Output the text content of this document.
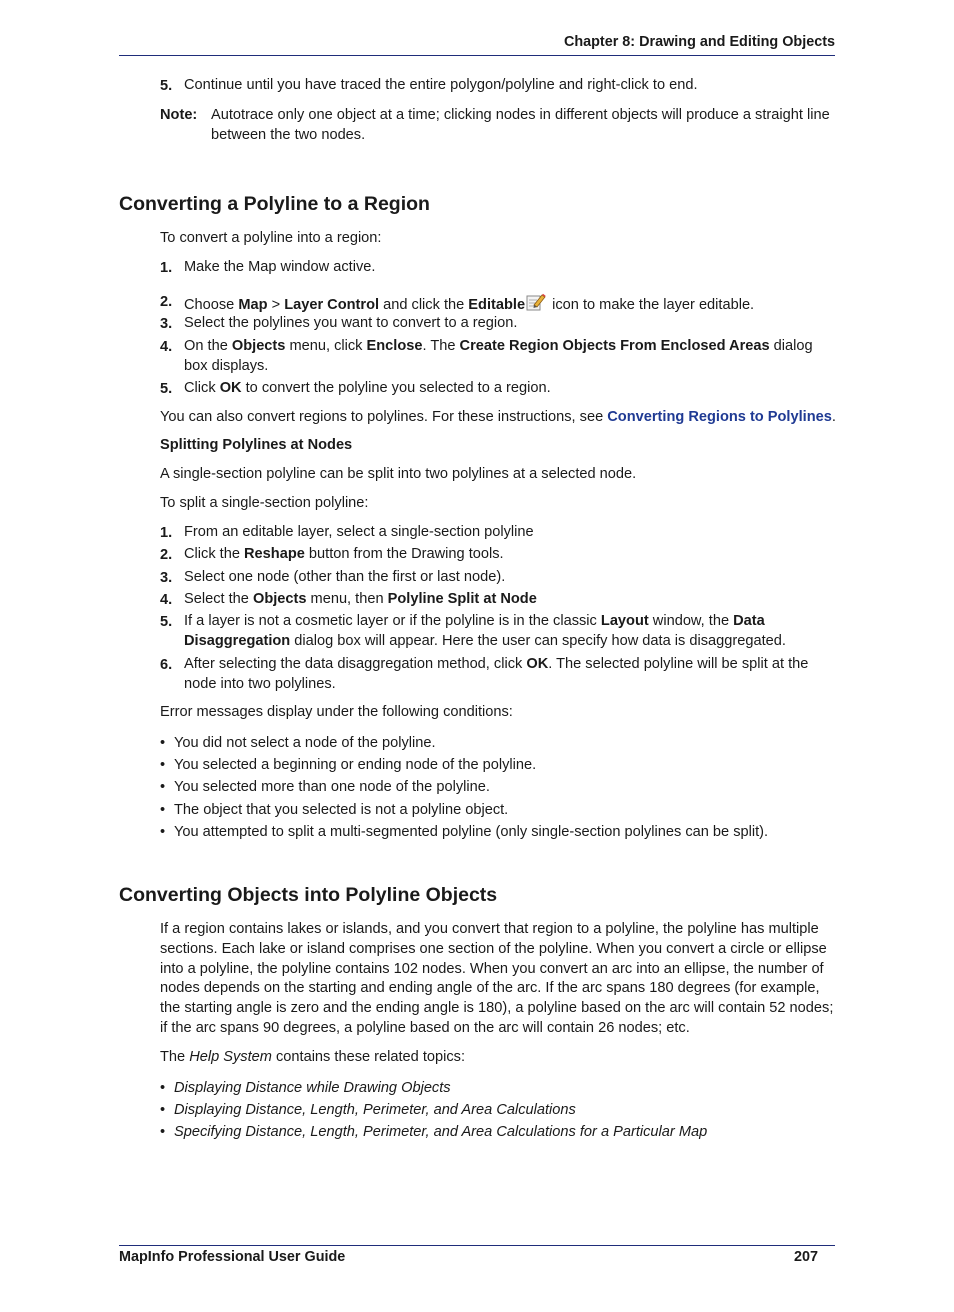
Chapter 8: Drawing and Editing Objects
5. Continue until you have traced the entire polygon/polyline and right-click to end.
Note: Autotrace only one object at a time; clicking nodes in different objects will produce a straight line between the two nodes.
Converting a Polyline to a Region
To convert a polyline into a region:
1. Make the Map window active.
2. Choose Map > Layer Control and click the Editable icon to make the layer editable.
3. Select the polylines you want to convert to a region.
4. On the Objects menu, click Enclose. The Create Region Objects From Enclosed Areas dialog box displays.
5. Click OK to convert the polyline you selected to a region.
You can also convert regions to polylines. For these instructions, see Converting Regions to Polylines.
Splitting Polylines at Nodes
A single-section polyline can be split into two polylines at a selected node.
To split a single-section polyline:
1. From an editable layer, select a single-section polyline
2. Click the Reshape button from the Drawing tools.
3. Select one node (other than the first or last node).
4. Select the Objects menu, then Polyline Split at Node
5. If a layer is not a cosmetic layer or if the polyline is in the classic Layout window, the Data Disaggregation dialog box will appear. Here the user can specify how data is disaggregated.
6. After selecting the data disaggregation method, click OK. The selected polyline will be split at the node into two polylines.
Error messages display under the following conditions:
• You did not select a node of the polyline.
• You selected a beginning or ending node of the polyline.
• You selected more than one node of the polyline.
• The object that you selected is not a polyline object.
• You attempted to split a multi-segmented polyline (only single-section polylines can be split).
Converting Objects into Polyline Objects
If a region contains lakes or islands, and you convert that region to a polyline, the polyline has multiple sections. Each lake or island comprises one section of the polyline. When you convert a circle or ellipse into a polyline, the polyline contains 102 nodes. When you convert an arc into an ellipse, the number of nodes depends on the starting and ending angle of the arc. If the arc spans 180 degrees (for example, the starting angle is zero and the ending angle is 180), a polyline based on the arc will contain 52 nodes; if the arc spans 90 degrees, a polyline based on the arc will contain 26 nodes; etc.
The Help System contains these related topics:
• Displaying Distance while Drawing Objects
• Displaying Distance, Length, Perimeter, and Area Calculations
• Specifying Distance, Length, Perimeter, and Area Calculations for a Particular Map
MapInfo Professional User Guide	207
